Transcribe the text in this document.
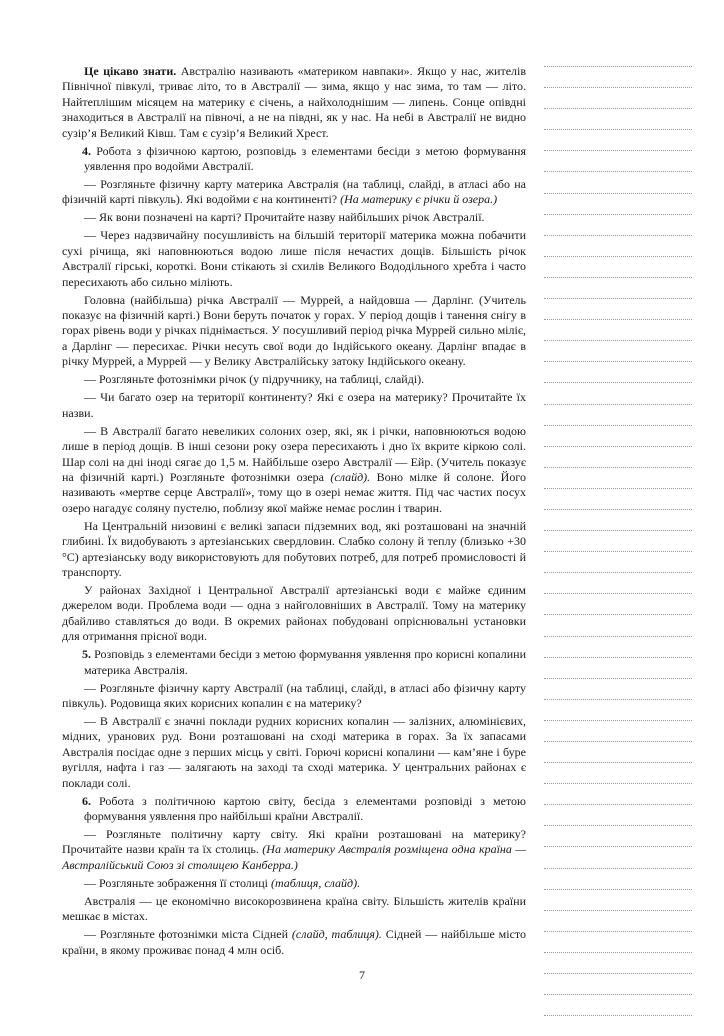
Це цікаво знати. Австралію називають «материком навпаки». Якщо у нас, жителів Північної півкулі, триває літо, то в Австралії — зима, якщо у нас зима, то там — літо. Найтеплішим місяцем на материку є січень, а найхолоднішим — липень. Сонце опівдні знаходиться в Австралії на півночі, а не на півдні, як у нас. На небі в Австралії не видно сузір’я Великий Ківш. Там є сузір’я Великий Хрест.

4. Робота з фізичною картою, розповідь з елементами бесіди з метою формування уявлення про водойми Австралії.

— Розгляньте фізичну карту материка Австралія (на таблиці, слайді, в атласі або на фізичній карті півкуль). Які водойми є на континенті? (На материку є річки й озера.)

— Як вони позначені на карті? Прочитайте назву найбільших річок Австралії.

— Через надзвичайну посушливість на більшій території материка можна побачити сухі річища, які наповнюються водою лише після нечастих дощів. Більшість річок Австралії гірські, короткі. Вони стікають зі схилів Великого Вододільного хребта і часто пересихають або сильно міліють.

Головна (найбільша) річка Австралії — Муррей, а найдовша — Дарлінг. (Учитель показує на фізичній карті.) Вони беруть початок у горах. У період дощів і танення снігу в горах рівень води у річках піднімається. У посушливий період річка Муррей сильно міліє, а Дарлінг — пересихає. Річки несуть свої води до Індійського океану. Дарлінг впадає в річку Муррей, а Муррей — у Велику Австралійську затоку Індійського океану.

— Розгляньте фотознімки річок (у підручнику, на таблиці, слайді).

— Чи багато озер на території континенту? Які є озера на материку? Прочитайте їх назви.

— В Австралії багато невеликих солоних озер, які, як і річки, наповнюються водою лише в період дощів. В інші сезони року озера пересихають і дно їх вкрите кіркою солі. Шар солі на дні іноді сягає до 1,5 м. Найбільше озеро Австралії — Ейр. (Учитель показує на фізичній карті.) Розгляньте фотознімки озера (слайд). Воно мілке й солоне. Його називають «мертве серце Австралії», тому що в озері немає життя. Під час частих посух озеро нагадує соляну пустелю, поблизу якої майже немає рослин і тварин.

На Центральній низовині є великі запаси підземних вод, які розташовані на значній глибині. Їх видобувають з артезіанських свердловин. Слабко солону й теплу (близько +30 °C) артезіанську воду використовують для побутових потреб, для потреб промисловості й транспорту.

У районах Західної і Центральної Австралії артезіанські води є майже єдиним джерелом води. Проблема води — одна з найголовніших в Австралії. Тому на материку дбайливо ставляться до води. В окремих районах побудовані опріснювальні установки для отримання прісної води.

5. Розповідь з елементами бесіди з метою формування уявлення про корисні копалини материка Австралія.

— Розгляньте фізичну карту Австралії (на таблиці, слайді, в атласі або фізичну карту півкуль). Родовища яких корисних копалин є на материку?

— В Австралії є значні поклади рудних корисних копалин — залізних, алюмінієвих, мідних, уранових руд. Вони розташовані на сході материка в горах. За їх запасами Австралія посідає одне з перших місць у світі. Горючі корисні копалини — кам’яне і буре вугілля, нафта і газ — залягають на заході та сході материка. У центральних районах є поклади солі.

6. Робота з політичною картою світу, бесіда з елементами розповіді з метою формування уявлення про найбільші країни Австралії.

— Розгляньте політичну карту світу. Які країни розташовані на материку? Прочитайте назви країн та їх столиць. (На материку Австралія розміщена одна країна — Австралійський Союз зі столицею Канберра.)

— Розгляньте зображення її столиці (таблиця, слайд).

Австралія — це економічно високорозвинена країна світу. Більшість жителів країни мешкає в містах.

— Розгляньте фотознімки міста Сідней (слайд, таблиця). Сідней — найбільше місто країни, в якому проживає понад 4 млн осіб.

7
